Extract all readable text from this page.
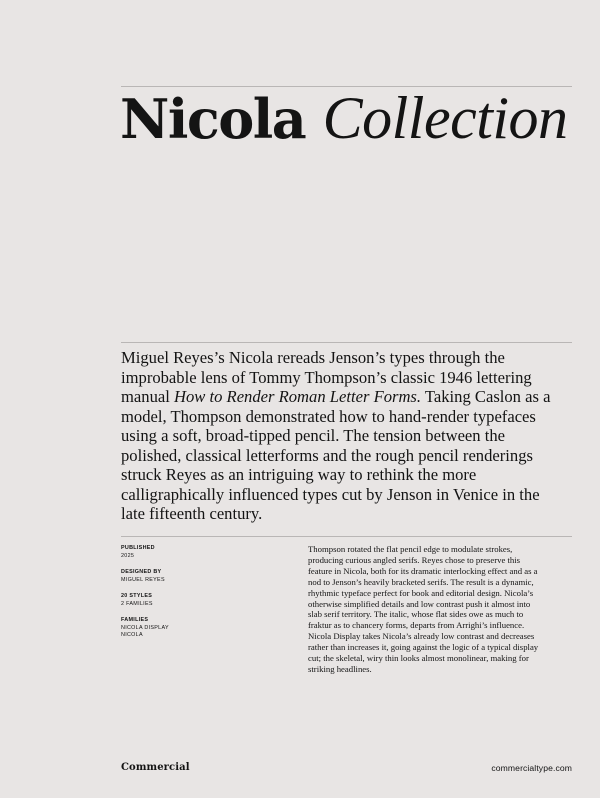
Nicola Collection

Miguel Reyes’s Nicola rereads Jenson’s types through the improbable lens of Tommy Thompson’s classic 1946 lettering manual How to Render Roman Letter Forms. Taking Caslon as a model, Thompson demonstrated how to hand-render typefaces using a soft, broad-tipped pencil. The tension between the polished, classical letterforms and the rough pencil renderings struck Reyes as an intriguing way to rethink the more calligraphically influenced types cut by Jenson in Venice in the late fifteenth century.

PUBLISHED
2025
DESIGNED BY
MIGUEL REYES
20 STYLES
2 FAMILIES
FAMILIES
NICOLA DISPLAY
NICOLA

Thompson rotated the flat pencil edge to modulate strokes, producing curious angled serifs. Reyes chose to preserve this feature in Nicola, both for its dramatic interlocking effect and as a nod to Jenson’s heavily bracketed serifs. The result is a dynamic, rhythmic typeface perfect for book and editorial design. Nicola’s otherwise simplified details and low contrast push it almost into slab serif territory. The italic, whose flat sides owe as much to fraktur as to chancery forms, departs from Arrighi’s influence. Nicola Display takes Nicola’s already low contrast and decreases rather than increases it, going against the logic of a typical display cut; the skeletal, wiry thin looks almost monolinear, making for striking headlines.

Commercial	commercialtype.com
